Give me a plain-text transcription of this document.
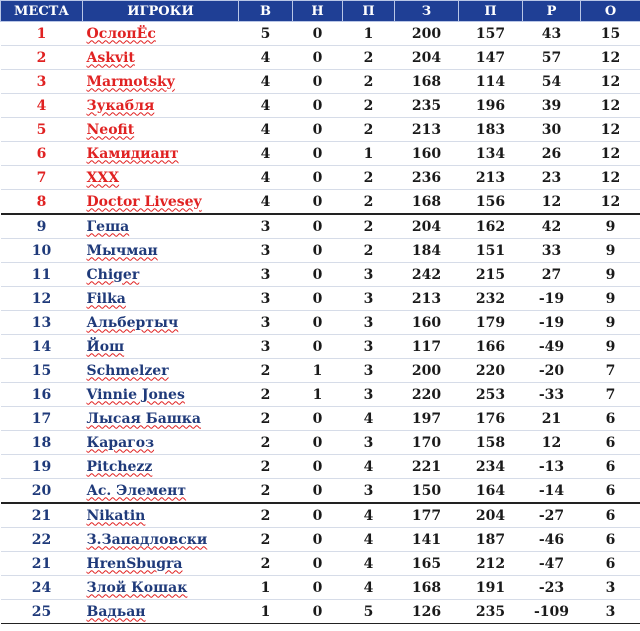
МЕСТА	ИГРОКИ	В	Н	П	З	П	Р	О
1	ОслопЁс	5	0	1	200	157	43	15
2	Askvit	4	0	2	204	147	57	12
3	Marmotsky	4	0	2	168	114	54	12
4	Зукабля	4	0	2	235	196	39	12
5	Neofit	4	0	2	213	183	30	12
6	Камидиант	4	0	1	160	134	26	12
7	XXX	4	0	2	236	213	23	12
8	Doctor Livesey	4	0	2	168	156	12	12
9	Геша	3	0	2	204	162	42	9
10	Мычман	3	0	2	184	151	33	9
11	Chiger	3	0	3	242	215	27	9
12	Filka	3	0	3	213	232	-19	9
13	Альбертыч	3	0	3	160	179	-19	9
14	Йош	3	0	3	117	166	-49	9
15	Schmelzer	2	1	3	200	220	-20	7
16	Vinnie Jones	2	1	3	220	253	-33	7
17	Лысая Башка	2	0	4	197	176	21	6
18	Карагоз	2	0	3	170	158	12	6
19	Pitchezz	2	0	4	221	234	-13	6
20	Ас. Элемент	2	0	3	150	164	-14	6
21	Nikatin	2	0	4	177	204	-27	6
22	З.Западловски	2	0	4	141	187	-46	6
21	HrenSbugra	2	0	4	165	212	-47	6
24	Злой Кошак	1	0	4	168	191	-23	3
25	Вадьан	1	0	5	126	235	-109	3
